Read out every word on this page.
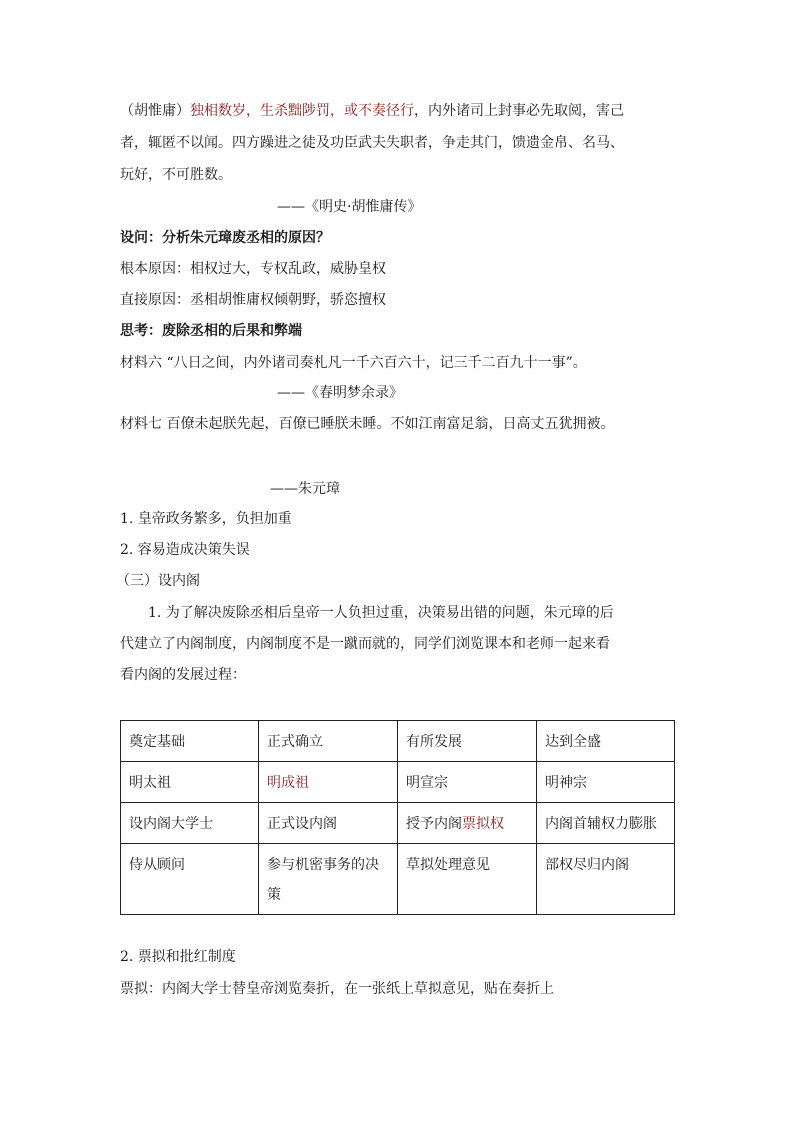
（胡惟庸）独相数岁，生杀黜陟罚，或不奏径行，内外诸司上封事必先取阅，害己
者，辄匿不以闻。四方躁进之徒及功臣武夫失职者，争走其门，馈遗金帛、名马、
玩好，不可胜数。
——《明史·胡惟庸传》
设问：分析朱元璋废丞相的原因？
根本原因：相权过大，专权乱政，威胁皇权
直接原因：丞相胡惟庸权倾朝野，骄恣擅权
思考：废除丞相的后果和弊端
材料六 “八日之间，内外诸司奏札凡一千六百六十，记三千二百九十一事”。
——《春明梦余录》
材料七 百僚未起朕先起，百僚已睡朕未睡。不如江南富足翁，日高丈五犹拥被。
——朱元璋
1. 皇帝政务繁多，负担加重
2. 容易造成决策失误
（三）设内阁
1. 为了解决废除丞相后皇帝一人负担过重，决策易出错的问题，朱元璋的后
代建立了内阁制度，内阁制度不是一蹴而就的，同学们浏览课本和老师一起来看
看内阁的发展过程：
奠定基础	正式确立	有所发展	达到全盛
明太祖	明成祖	明宣宗	明神宗
设内阁大学士	正式设内阁	授予内阁票拟权	内阁首辅权力膨胀
侍从顾问	参与机密事务的决策	草拟处理意见	部权尽归内阁
2. 票拟和批红制度
票拟：内阁大学士替皇帝浏览奏折，在一张纸上草拟意见，贴在奏折上
